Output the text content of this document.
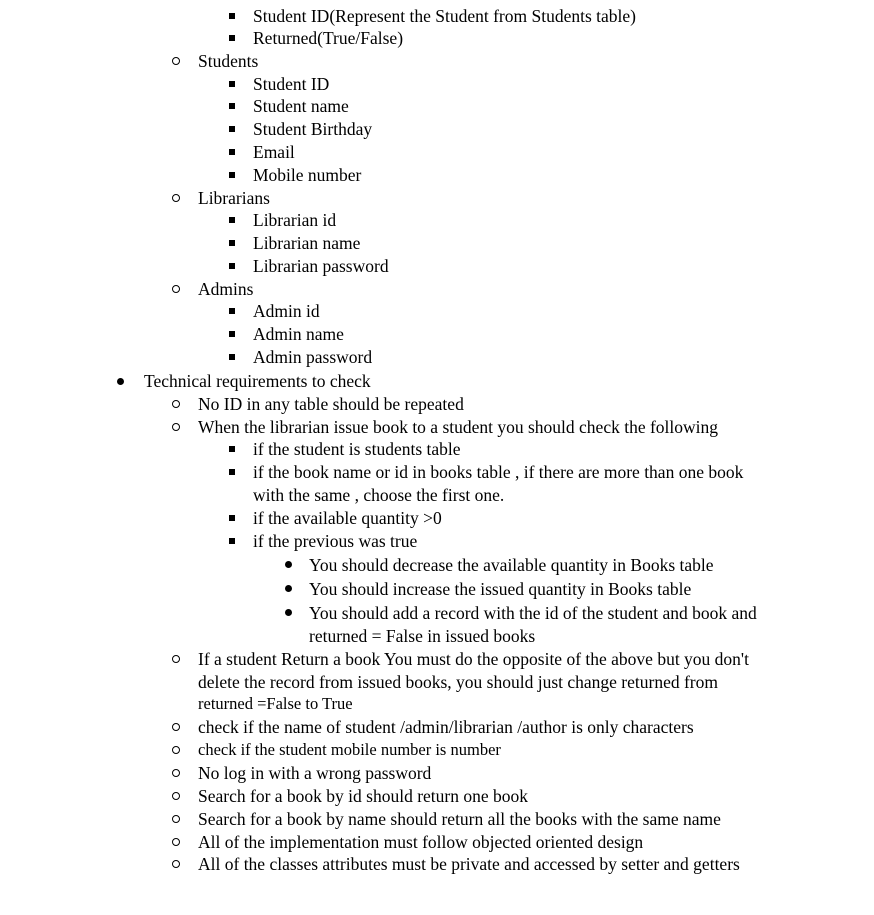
Student ID(Represent the Student from Students table)
Returned(True/False)
Students
Student ID
Student name
Student Birthday
Email
Mobile number
Librarians
Librarian id
Librarian name
Librarian password
Admins
Admin id
Admin name
Admin password
Technical requirements to check
No ID in any table should be repeated
When the librarian issue book to a student you should check the following
if the student is students table
if the book name or id in books table , if there are more than one book
with the same , choose the first one.
if the available quantity >0
if the previous was true
You should decrease the available quantity in Books table
You should increase the issued quantity in Books table
You should add a record with the id of the student and book and
returned = False in issued books
If a student Return a book You must do the opposite of the above but you don't
delete the record from issued books, you should just change returned from
returned =False to True
check if the name of student /admin/librarian /author is only characters
check if the student mobile number is number
No log in with a wrong password
Search for a book by id should return one book
Search for a book by name should return all the books with the same name
All of the implementation must follow objected oriented design
All of the classes attributes must be private and accessed by setter and getters
